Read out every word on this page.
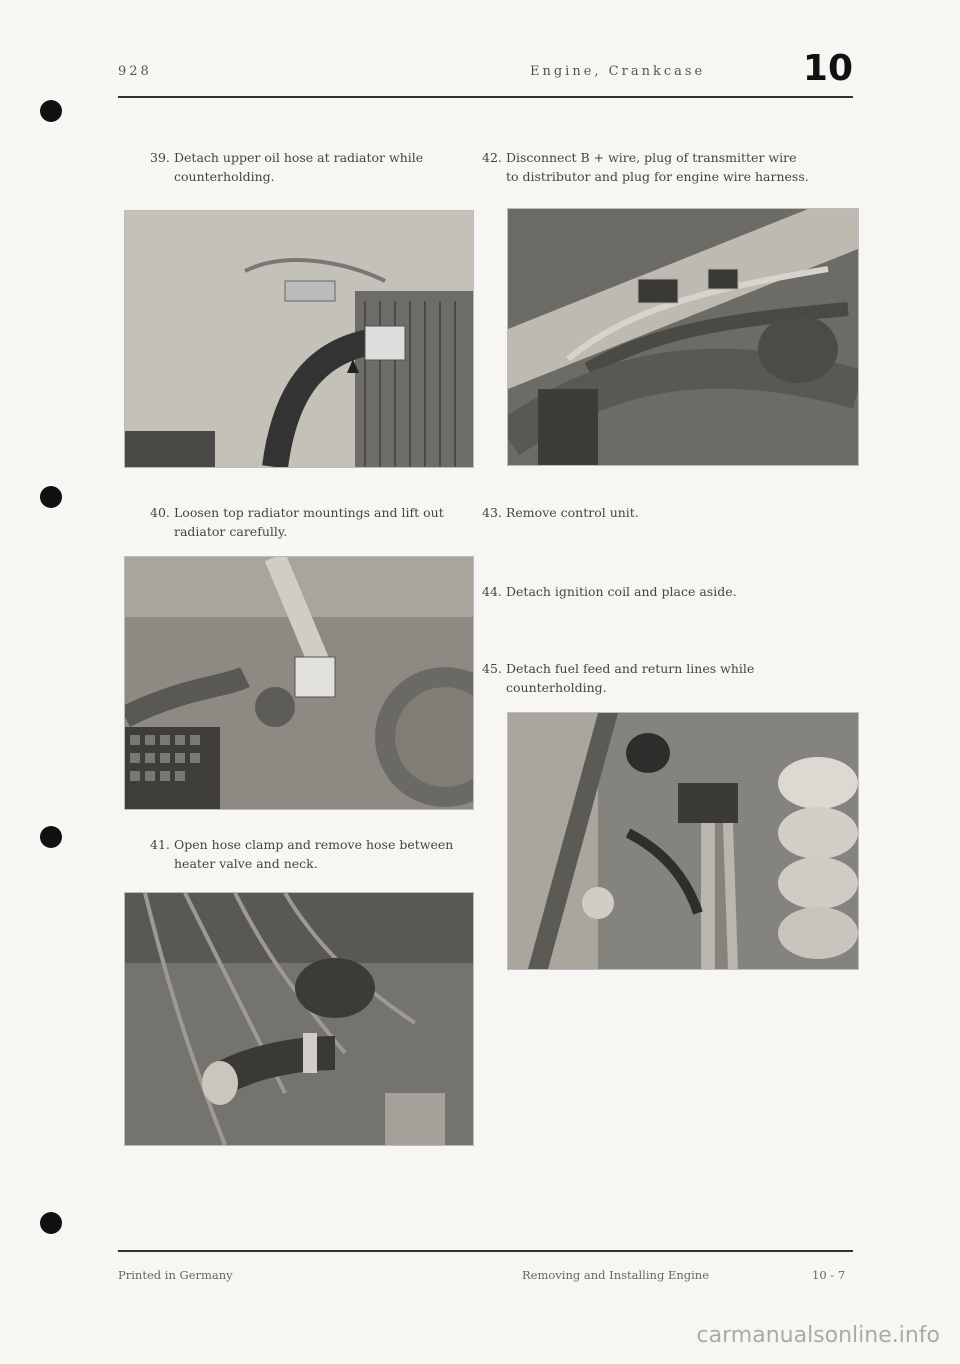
928	Engine, Crankcase	10
39. Detach upper oil hose at radiator while
counterholding.
40. Loosen top radiator mountings and lift out
radiator carefully.
41. Open hose clamp and remove hose between
heater valve and neck.
42. Disconnect B + wire, plug of transmitter wire
to distributor and plug for engine wire harness.
43. Remove control unit.
44. Detach ignition coil and place aside.
45. Detach fuel feed and return lines while
counterholding.
Printed in Germany	Removing and Installing Engine	10 - 7
carmanualsonline.info
